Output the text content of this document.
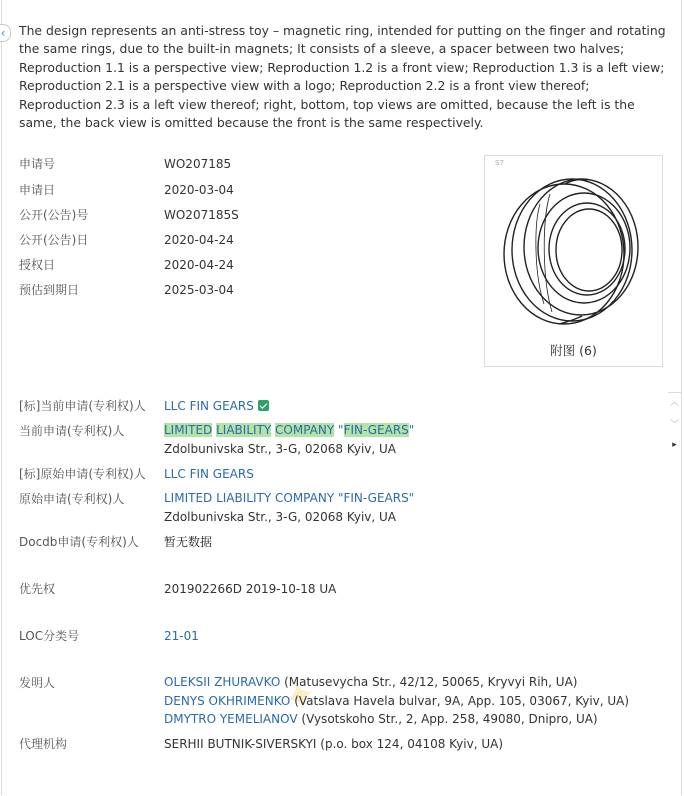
‹	The design represents an anti-stress toy – magnetic ring, intended for putting on the finger and rotating the same rings, due to the built-in magnets; It consists of a sleeve, a spacer between two halves; Reproduction 1.1 is a perspective view; Reproduction 1.2 is a front view; Reproduction 1.3 is a left view; Reproduction 2.1 is a perspective view with a logo; Reproduction 2.2 is a front view thereof; Reproduction 2.3 is a left view thereof; right, bottom, top views are omitted, because the left is the same, the back view is omitted because the front is the same respectively.

申请号	WO207185
申请日	2020-03-04
公开(公告)号	WO207185S
公开(公告)日	2020-04-24
授权日	2020-04-24
预估到期日	2025-03-04
S7
附图 (6)
︿
﹀
▸
[标]当前申请(专利权)人 LLC FIN GEARS
当前申请(专利权)人	LIMITED LIABILITY COMPANY "FIN-GEARS"
Zdolbunivska Str., 3-G, 02068 Kyiv, UA
[标]原始申请(专利权)人 LLC FIN GEARS
原始申请(专利权)人	LIMITED LIABILITY COMPANY "FIN-GEARS"
Zdolbunivska Str., 3-G, 02068 Kyiv, UA
Docdb申请(专利权)人 暂无数据
优先权	201902266D 2019-10-18 UA
LOC分类号	21-01
✦
发明人	OLEKSII ZHURAVKO (Matusevycha Str., 42/12, 50065, Kryvyi Rih, UA)
DENYS OKHRIMENKO (Vatslava Havela bulvar, 9A, App. 105, 03067, Kyiv, UA)
DMYTRO YEMELIANOV (Vysotskoho Str., 2, App. 258, 49080, Dnipro, UA)
代理机构	SERHII BUTNIK-SIVERSKYI (p.o. box 124, 04108 Kyiv, UA)
